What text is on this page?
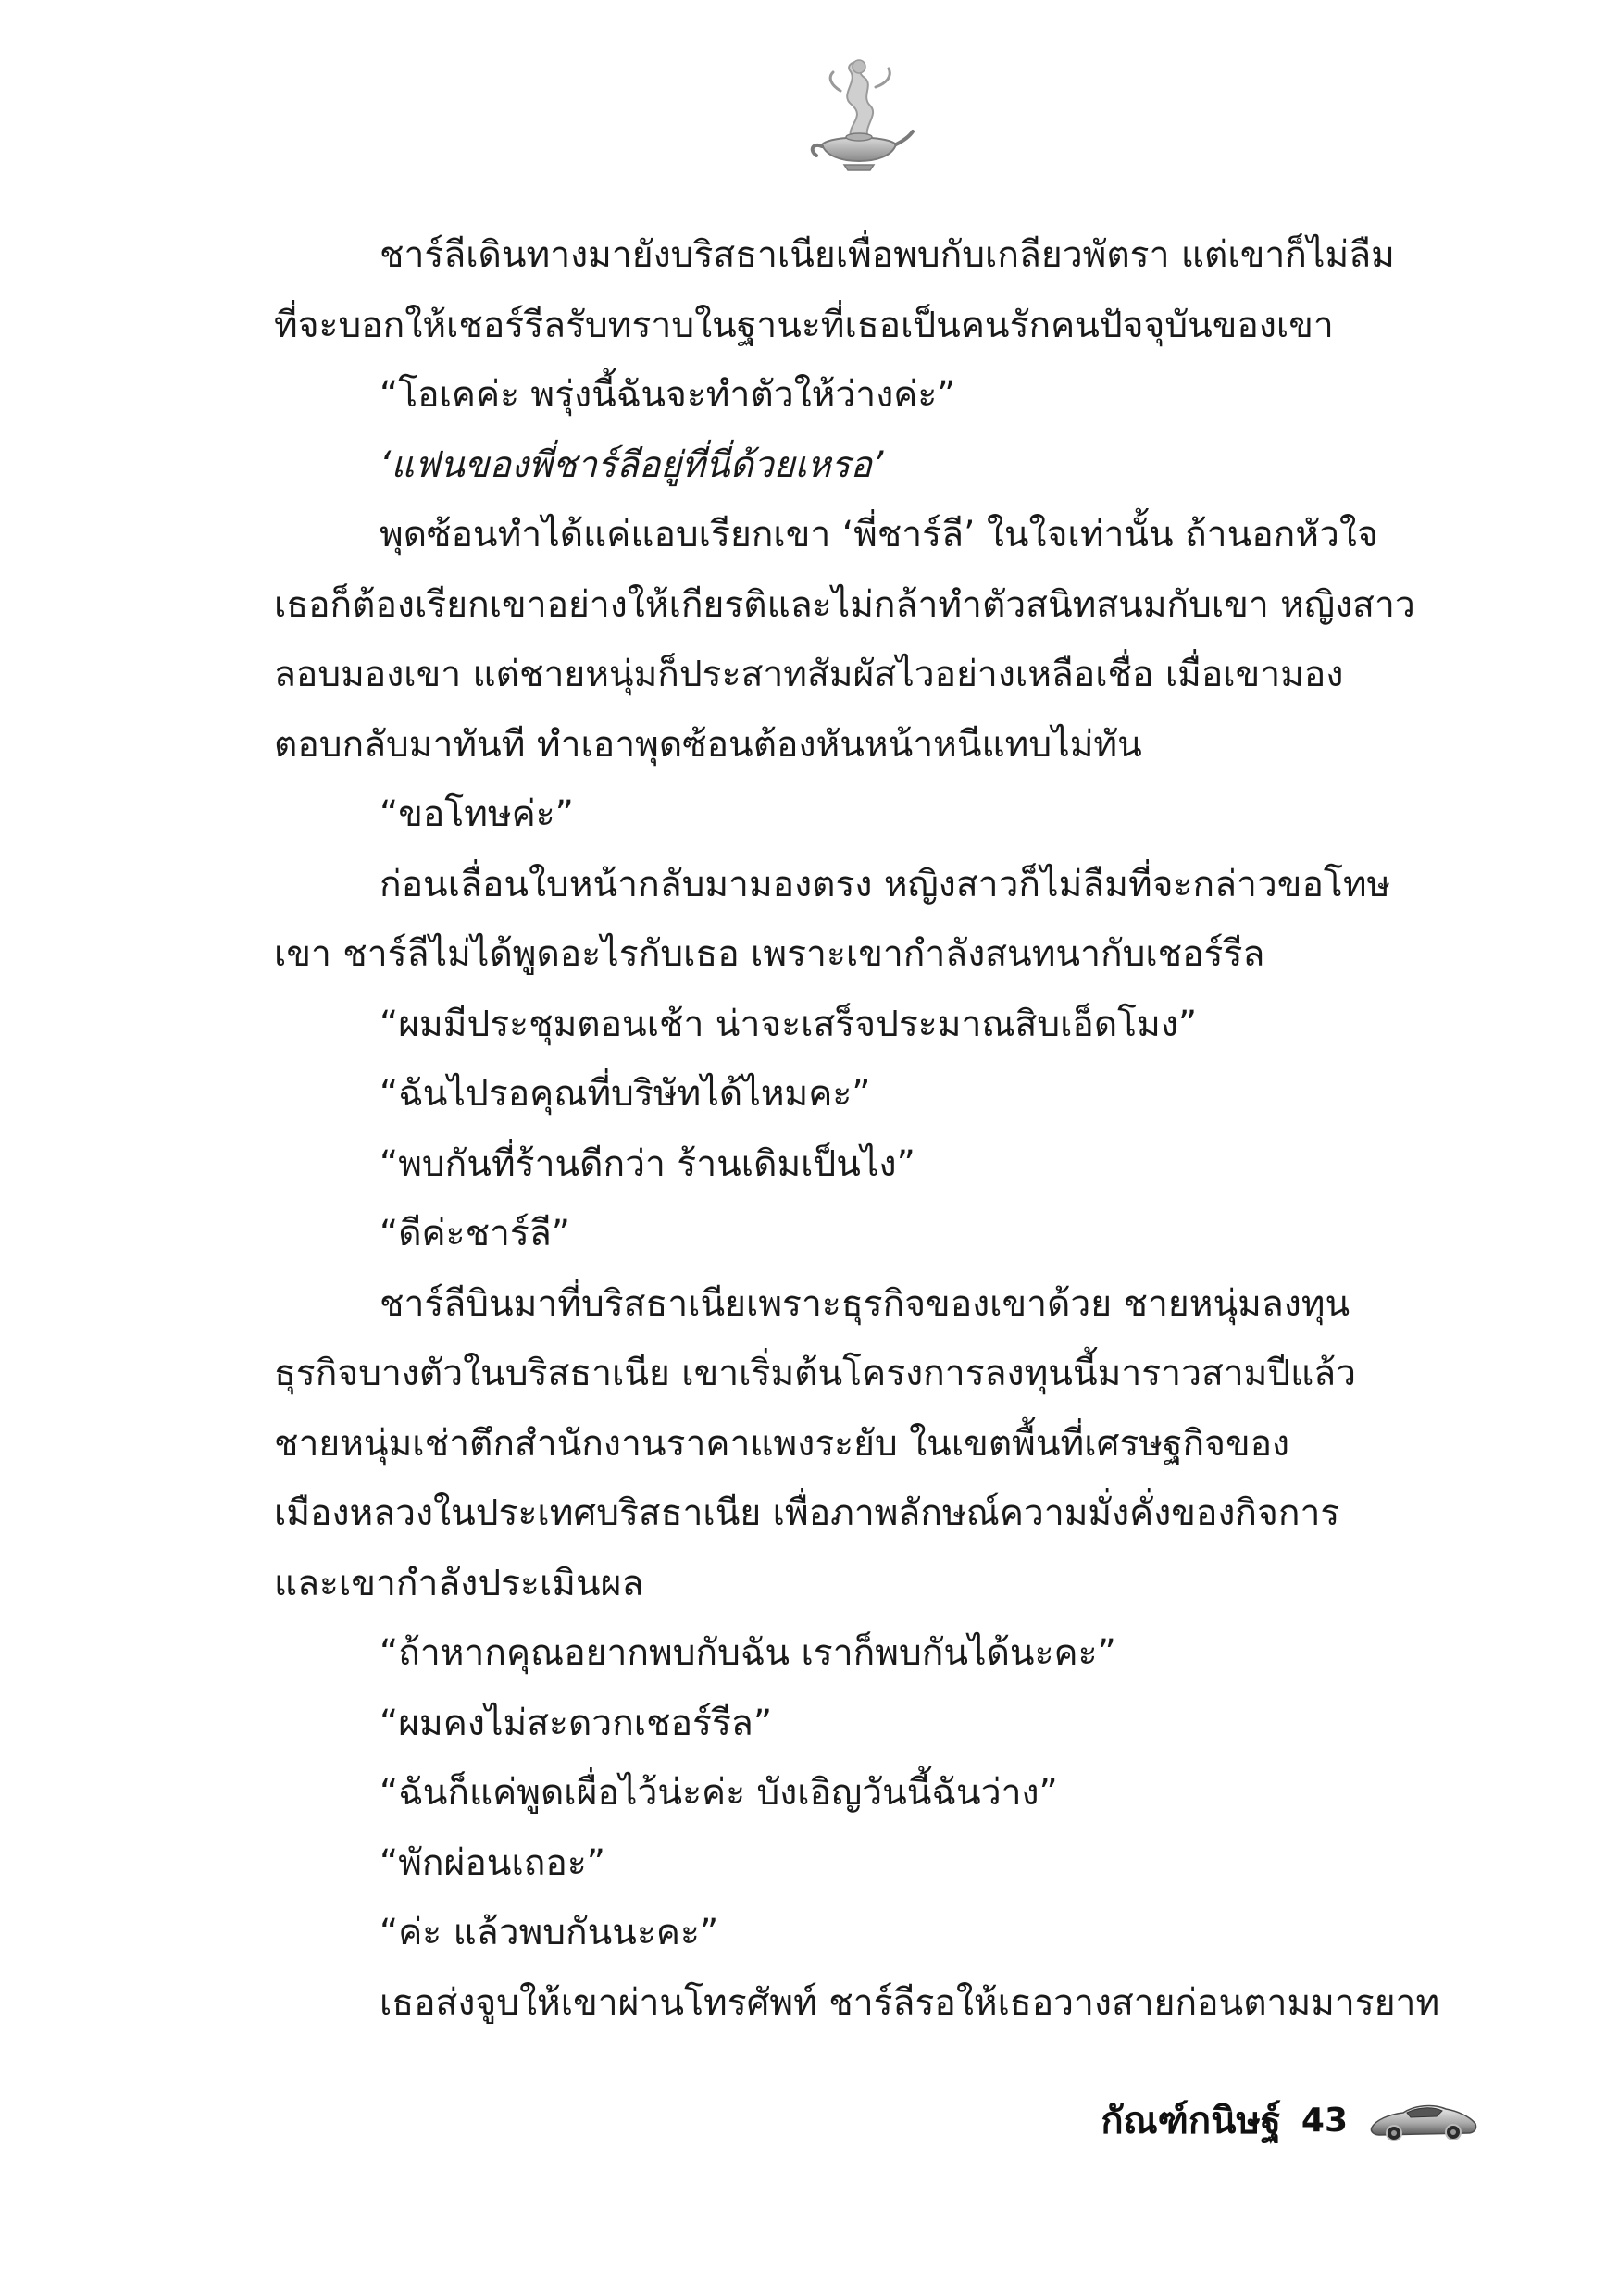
ชาร์ลีเดินทางมายังบริสธาเนียเพื่อพบกับเกลียวพัตรา แต่เขาก็ไม่ลืม
ที่จะบอกให้เชอร์รีลรับทราบในฐานะที่เธอเป็นคนรักคนปัจจุบันของเขา
“โอเคค่ะ พรุ่งนี้ฉันจะทำตัวให้ว่างค่ะ”
‘แฟนของพี่ชาร์ลีอยู่ที่นี่ด้วยเหรอ’
พุดซ้อนทำได้แค่แอบเรียกเขา ‘พี่ชาร์ลี’ ในใจเท่านั้น ถ้านอกหัวใจ
เธอก็ต้องเรียกเขาอย่างให้เกียรติและไม่กล้าทำตัวสนิทสนมกับเขา หญิงสาว
ลอบมองเขา แต่ชายหนุ่มก็ประสาทสัมผัสไวอย่างเหลือเชื่อ เมื่อเขามอง
ตอบกลับมาทันที ทำเอาพุดซ้อนต้องหันหน้าหนีแทบไม่ทัน
“ขอโทษค่ะ”
ก่อนเลื่อนใบหน้ากลับมามองตรง หญิงสาวก็ไม่ลืมที่จะกล่าวขอโทษ
เขา ชาร์ลีไม่ได้พูดอะไรกับเธอ เพราะเขากำลังสนทนากับเชอร์รีล
“ผมมีประชุมตอนเช้า น่าจะเสร็จประมาณสิบเอ็ดโมง”
“ฉันไปรอคุณที่บริษัทได้ไหมคะ”
“พบกันที่ร้านดีกว่า ร้านเดิมเป็นไง”
“ดีค่ะชาร์ลี”
ชาร์ลีบินมาที่บริสธาเนียเพราะธุรกิจของเขาด้วย ชายหนุ่มลงทุน
ธุรกิจบางตัวในบริสธาเนีย เขาเริ่มต้นโครงการลงทุนนี้มาราวสามปีแล้ว
ชายหนุ่มเช่าตึกสำนักงานราคาแพงระยับ ในเขตพื้นที่เศรษฐกิจของ
เมืองหลวงในประเทศบริสธาเนีย เพื่อภาพลักษณ์ความมั่งคั่งของกิจการ
และเขากำลังประเมินผล
“ถ้าหากคุณอยากพบกับฉัน เราก็พบกันได้นะคะ”
“ผมคงไม่สะดวกเชอร์รีล”
“ฉันก็แค่พูดเผื่อไว้น่ะค่ะ บังเอิญวันนี้ฉันว่าง”
“พักผ่อนเถอะ”
“ค่ะ แล้วพบกันนะคะ”
เธอส่งจูบให้เขาผ่านโทรศัพท์ ชาร์ลีรอให้เธอวางสายก่อนตามมารยาท
กัณฑ์กนิษฐ์ 43
